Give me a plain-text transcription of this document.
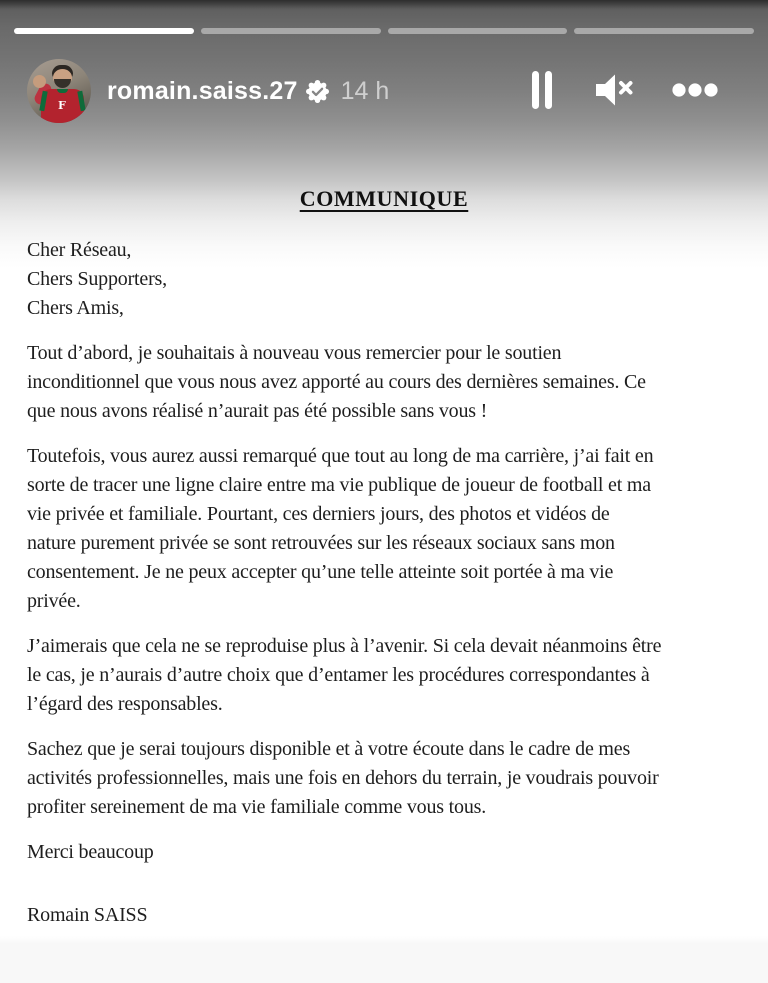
F
romain.saiss.27 14 h
COMMUNIQUE
Cher Réseau,
Chers Supporters,
Chers Amis,
Tout d’abord, je souhaitais à nouveau vous remercier pour le soutien
inconditionnel que vous nous avez apporté au cours des dernières semaines. Ce
que nous avons réalisé n’aurait pas été possible sans vous !
Toutefois, vous aurez aussi remarqué que tout au long de ma carrière, j’ai fait en
sorte de tracer une ligne claire entre ma vie publique de joueur de football et ma
vie privée et familiale. Pourtant, ces derniers jours, des photos et vidéos de
nature purement privée se sont retrouvées sur les réseaux sociaux sans mon
consentement. Je ne peux accepter qu’une telle atteinte soit portée à ma vie
privée.
J’aimerais que cela ne se reproduise plus à l’avenir. Si cela devait néanmoins être
le cas, je n’aurais d’autre choix que d’entamer les procédures correspondantes à
l’égard des responsables.
Sachez que je serai toujours disponible et à votre écoute dans le cadre de mes
activités professionnelles, mais une fois en dehors du terrain, je voudrais pouvoir
profiter sereinement de ma vie familiale comme vous tous.
Merci beaucoup
Romain SAISS
